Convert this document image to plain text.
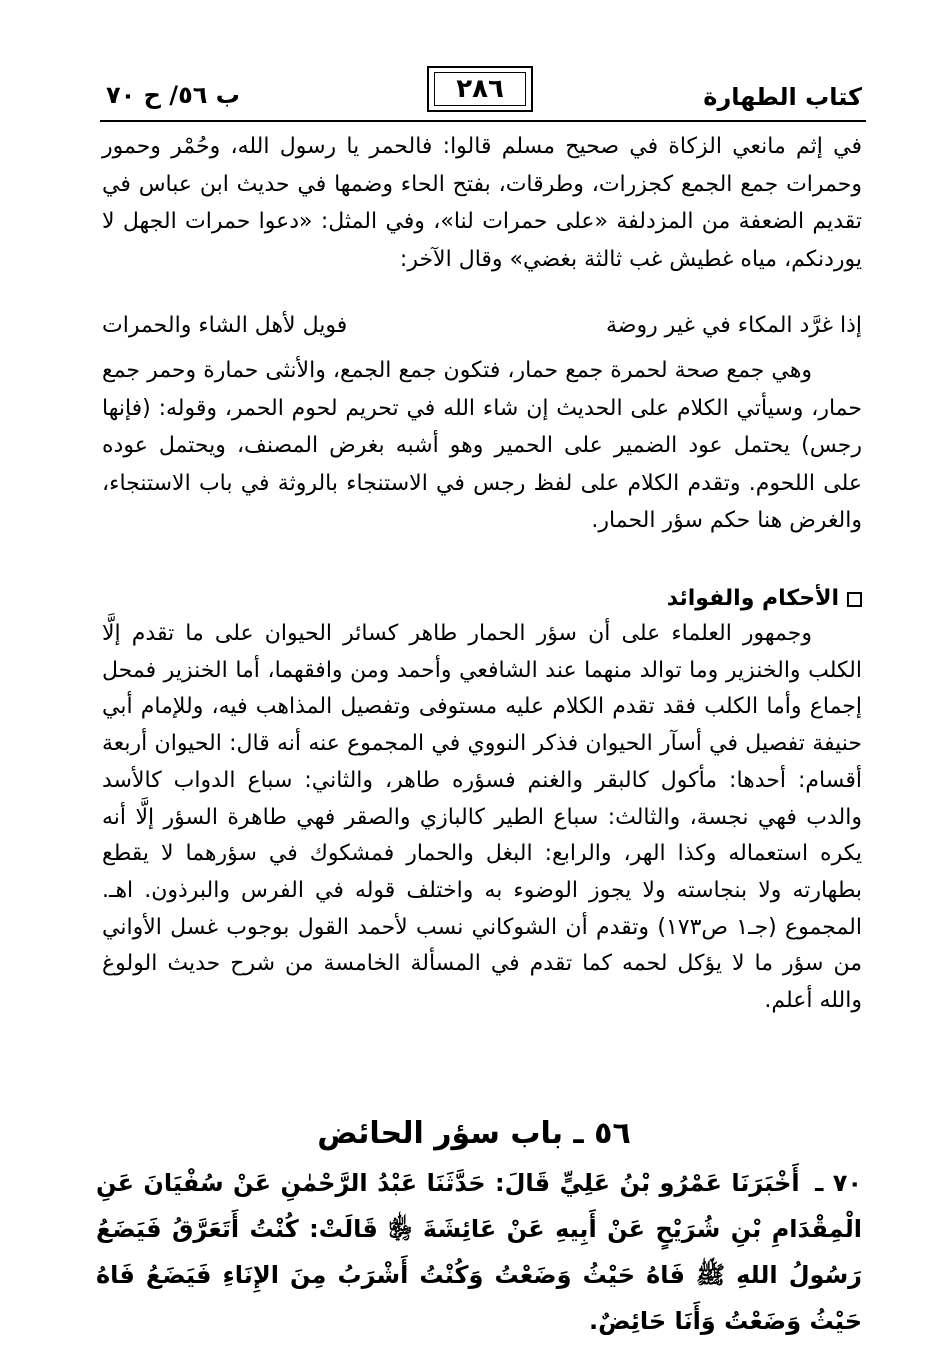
كتاب الطهارة
٢٨٦
ب ٥٦/ ح ٧٠
في إثم مانعي الزكاة في صحيح مسلم قالوا: فالحمر يا رسول الله، وحُمْر وحمور وحمرات جمع الجمع كجزرات، وطرقات، بفتح الحاء وضمها في حديث ابن عباس في تقديم الضعفة من المزدلفة «على حمرات لنا»، وفي المثل: «دعوا حمرات الجهل لا يوردنكم، مياه غطيش غب ثالثة بغضي» وقال الآخر:
إذا غرَّد المكاء في غير روضة
فويل لأهل الشاء والحمرات
وهي جمع صحة لحمرة جمع حمار، فتكون جمع الجمع، والأنثى حمارة وحمر جمع حمار، وسيأتي الكلام على الحديث إن شاء الله في تحريم لحوم الحمر، وقوله: (فإنها رجس) يحتمل عود الضمير على الحمير وهو أشبه بغرض المصنف، ويحتمل عوده على اللحوم. وتقدم الكلام على لفظ رجس في الاستنجاء بالروثة في باب الاستنجاء، والغرض هنا حكم سؤر الحمار.
الأحكام والفوائد
وجمهور العلماء على أن سؤر الحمار طاهر كسائر الحيوان على ما تقدم إلَّا الكلب والخنزير وما توالد منهما عند الشافعي وأحمد ومن وافقهما، أما الخنزير فمحل إجماع وأما الكلب فقد تقدم الكلام عليه مستوفى وتفصيل المذاهب فيه، وللإمام أبي حنيفة تفصيل في أسآر الحيوان فذكر النووي في المجموع عنه أنه قال: الحيوان أربعة أقسام: أحدها: مأكول كالبقر والغنم فسؤره طاهر، والثاني: سباع الدواب كالأسد والدب فهي نجسة، والثالث: سباع الطير كالبازي والصقر فهي طاهرة السؤر إلَّا أنه يكره استعماله وكذا الهر، والرابع: البغل والحمار فمشكوك في سؤرهما لا يقطع بطهارته ولا بنجاسته ولا يجوز الوضوء به واختلف قوله في الفرس والبرذون. اهـ. المجموع (جـ١ ص١٧٣) وتقدم أن الشوكاني نسب لأحمد القول بوجوب غسل الأواني من سؤر ما لا يؤكل لحمه كما تقدم في المسألة الخامسة من شرح حديث الولوغ والله أعلم.
٥٦ ـ باب سؤر الحائض
٧٠ ـ أَخْبَرَنَا عَمْرُو بْنُ عَلِيٍّ قَالَ: حَدَّثَنَا عَبْدُ الرَّحْمٰنِ عَنْ سُفْيَانَ عَنِ الْمِقْدَامِ بْنِ شُرَيْحٍ عَنْ أَبِيهِ عَنْ عَائِشَةَ ﵂ قَالَتْ: كُنْتُ أَتَعَرَّقُ فَيَضَعُ رَسُولُ اللهِ ﷺ فَاهُ حَيْثُ وَضَعْتُ وَكُنْتُ أَشْرَبُ مِنَ الإِنَاءِ فَيَضَعُ فَاهُ حَيْثُ وَضَعْتُ وَأَنَا حَائِضٌ.
